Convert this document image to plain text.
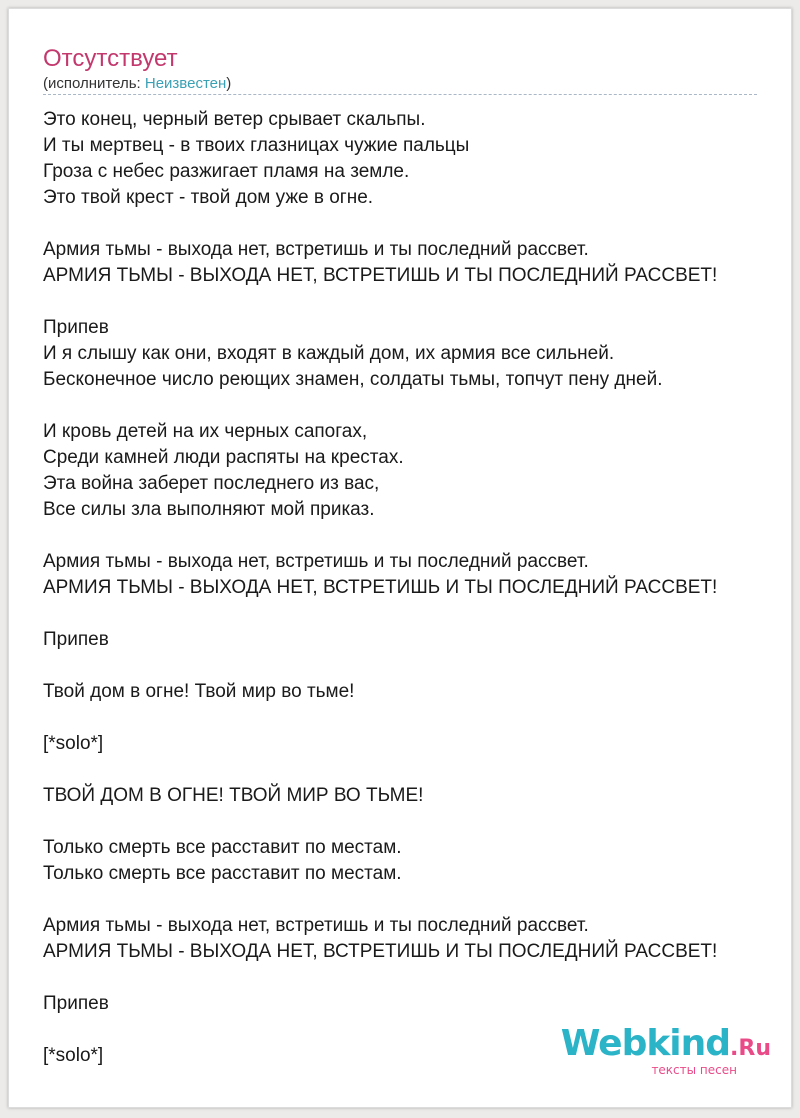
Отсутствует
(исполнитель: Неизвестен)
Это конец, черный ветер срывает скальпы.
И ты мертвец - в твоих глазницах чужие пальцы
Гроза с небес разжигает пламя на земле.
Это твой крест - твой дом уже в огне.
Армия тьмы - выхода нет, встретишь и ты последний рассвет.
АРМИЯ ТЬМЫ - ВЫХОДА НЕТ, ВСТРЕТИШЬ И ТЫ ПОСЛЕДНИЙ РАССВЕТ!
Припев
И я слышу как они, входят в каждый дом, их армия все сильней.
Бесконечное число реющих знамен, солдаты тьмы, топчут пену дней.
И кровь детей на их черных сапогах,
Среди камней люди распяты на крестах.
Эта война заберет последнего из вас,
Все силы зла выполняют мой приказ.
Армия тьмы - выхода нет, встретишь и ты последний рассвет.
АРМИЯ ТЬМЫ - ВЫХОДА НЕТ, ВСТРЕТИШЬ И ТЫ ПОСЛЕДНИЙ РАССВЕТ!
Припев
Твой дом в огне! Твой мир во тьме!
[*solo*]
ТВОЙ ДОМ В ОГНЕ! ТВОЙ МИР ВО ТЬМЕ!
Только смерть все расставит по местам.
Только смерть все расставит по местам.
Армия тьмы - выхода нет, встретишь и ты последний рассвет.
АРМИЯ ТЬМЫ - ВЫХОДА НЕТ, ВСТРЕТИШЬ И ТЫ ПОСЛЕДНИЙ РАССВЕТ!
Припев
[*solo*]	Webkind.Ru
тексты песен
